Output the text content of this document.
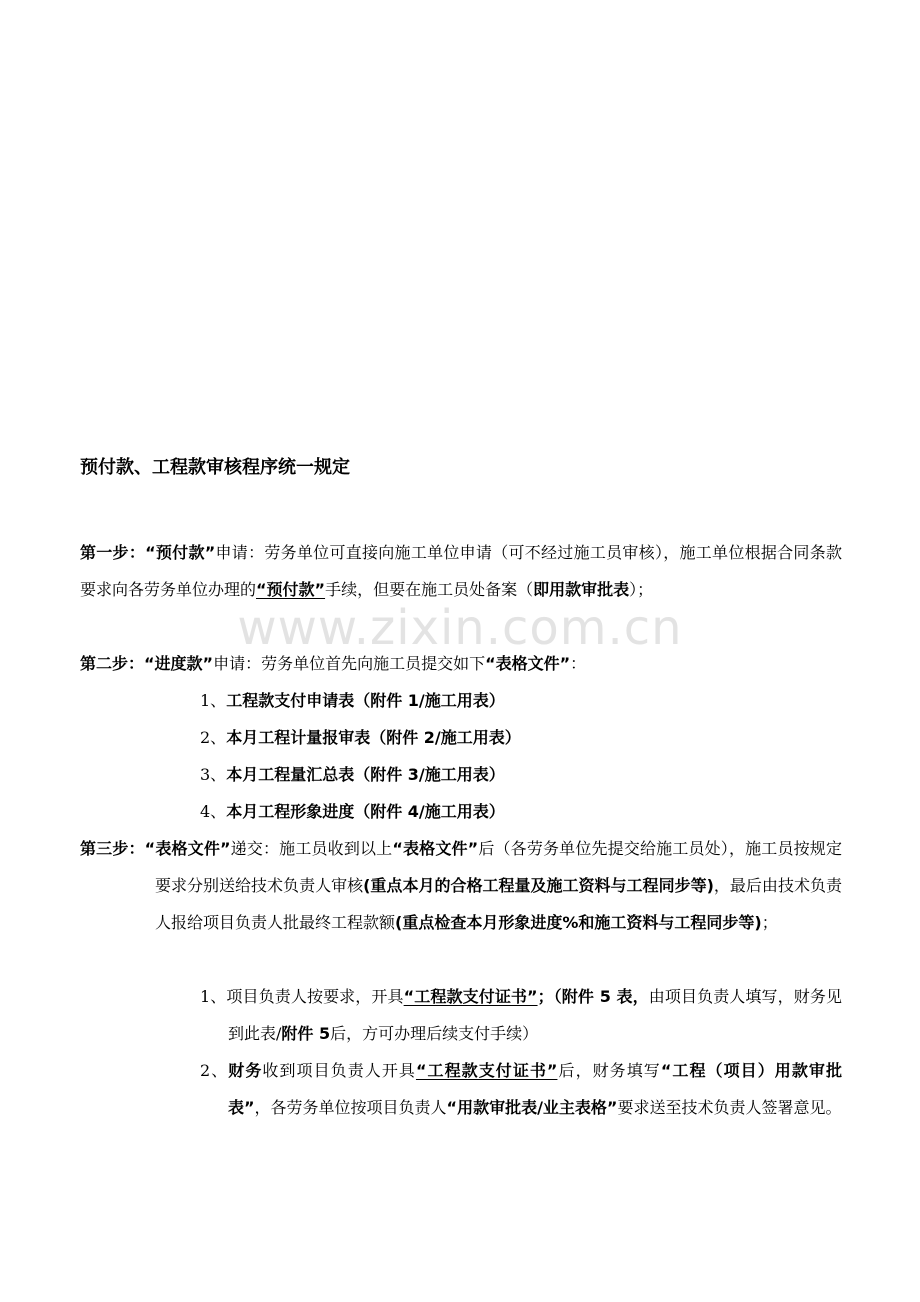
www.zixin.com.cn
预付款、工程款审核程序统一规定
第一步：“预付款”申请：劳务单位可直接向施工单位申请（可不经过施工员审核），施工单位根据合同条款要求向各劳务单位办理的“预付款”手续，但要在施工员处备案（即用款审批表）；
第二步：“进度款”申请：劳务单位首先向施工员提交如下“表格文件”：
1、工程款支付申请表（附件 1/施工用表）
2、本月工程计量报审表（附件 2/施工用表）
3、本月工程量汇总表（附件 3/施工用表）
4、本月工程形象进度（附件 4/施工用表）
第三步：“表格文件”递交：施工员收到以上“表格文件”后（各劳务单位先提交给施工员处），施工员按规定要求分别送给技术负责人审核(重点本月的合格工程量及施工资料与工程同步等)，最后由技术负责人报给项目负责人批最终工程款额(重点检查本月形象进度%和施工资料与工程同步等)；
1、项目负责人按要求，开具“工程款支付证书”；（附件 5 表，由项目负责人填写，财务见到此表/附件 5后，方可办理后续支付手续）
2、财务收到项目负责人开具“工程款支付证书”后，财务填写“工程（项目）用款审批表”，各劳务单位按项目负责人“用款审批表/业主表格”要求送至技术负责人签署意见。
